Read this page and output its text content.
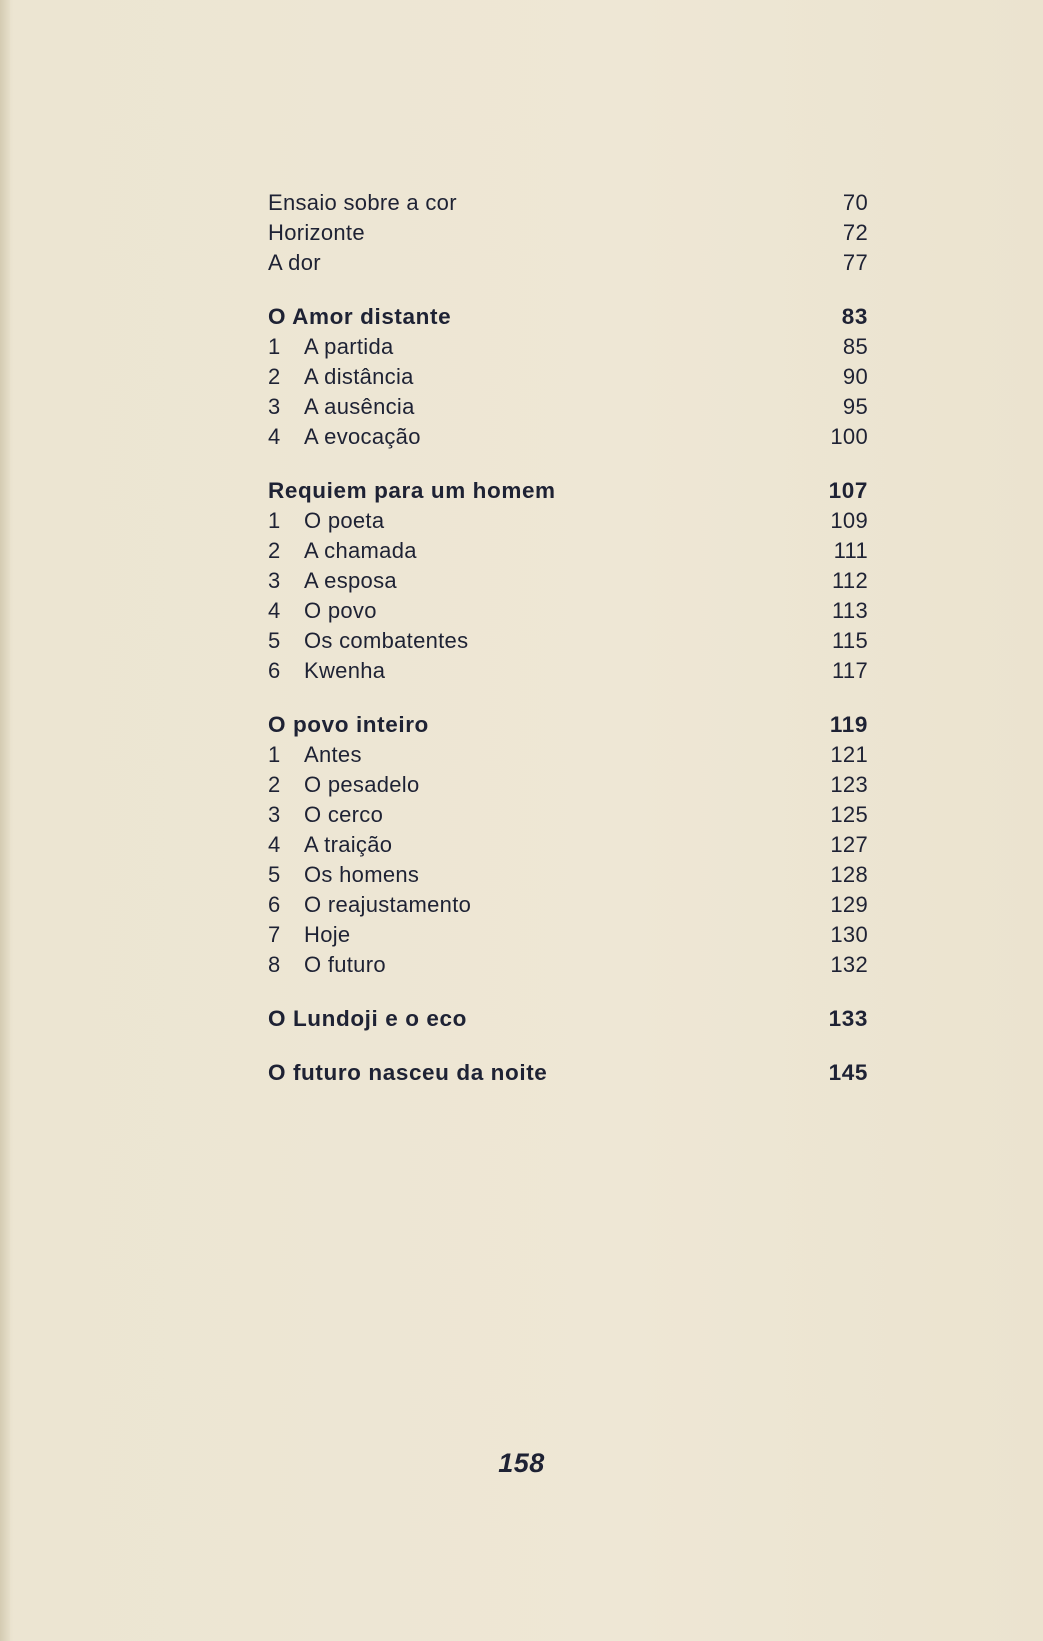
Ensaio sobre a cor	70
Horizonte	72
A dor	77
O Amor distante	83
1 A partida	85
2 A distância	90
3 A ausência	95
4 A evocação	100
Requiem para um homem	107
1 O poeta	109
2 A chamada	111
3 A esposa	112
4 O povo	113
5 Os combatentes	115
6 Kwenha	117
O povo inteiro	119
1 Antes	121
2 O pesadelo	123
3 O cerco	125
4 A traição	127
5 Os homens	128
6 O reajustamento	129
7 Hoje	130
8 O futuro	132
O Lundoji e o eco	133
O futuro nasceu da noite	145
158
